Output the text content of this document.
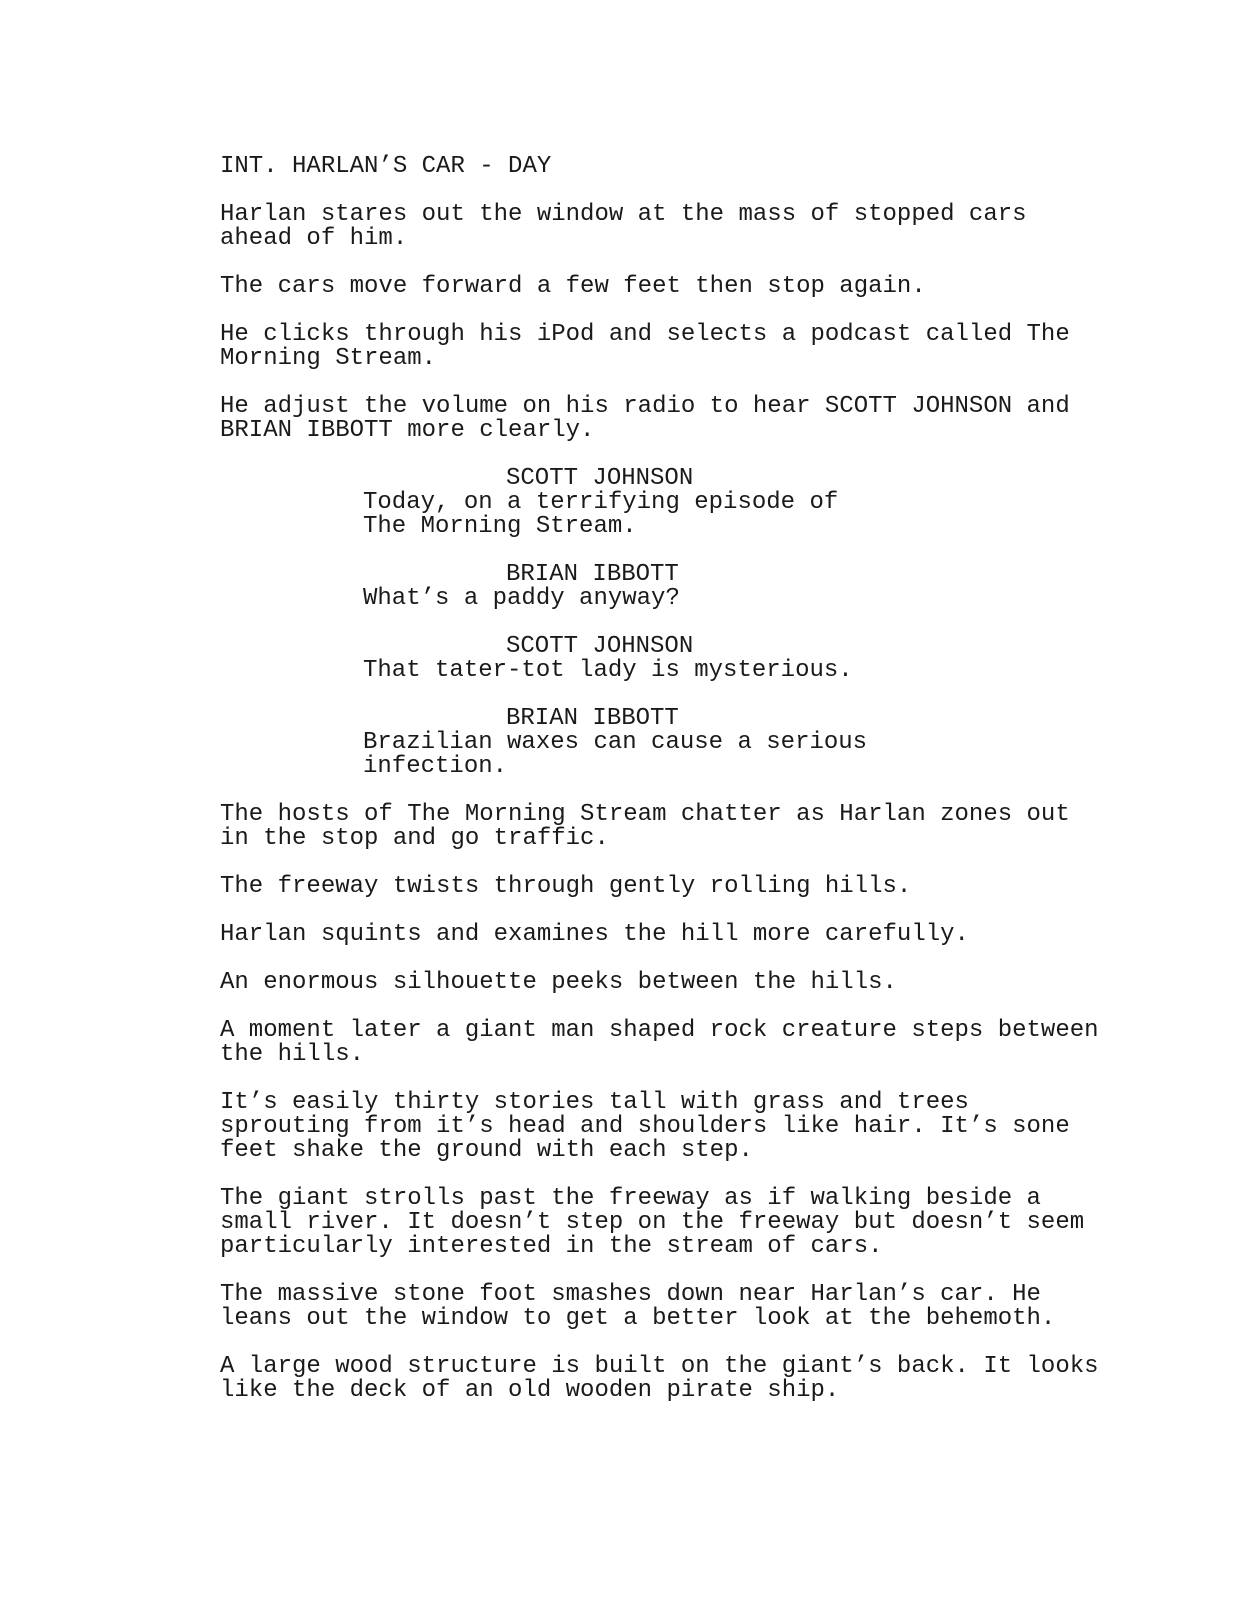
INT. HARLAN’S CAR - DAY
Harlan stares out the window at the mass of stopped cars
ahead of him.
The cars move forward a few feet then stop again.
He clicks through his iPod and selects a podcast called The
Morning Stream.
He adjust the volume on his radio to hear SCOTT JOHNSON and
BRIAN IBBOTT more clearly.
SCOTT JOHNSON
Today, on a terrifying episode of
The Morning Stream.
BRIAN IBBOTT
What’s a paddy anyway?
SCOTT JOHNSON
That tater-tot lady is mysterious.
BRIAN IBBOTT
Brazilian waxes can cause a serious
infection.
The hosts of The Morning Stream chatter as Harlan zones out
in the stop and go traffic.
The freeway twists through gently rolling hills.
Harlan squints and examines the hill more carefully.
An enormous silhouette peeks between the hills.
A moment later a giant man shaped rock creature steps between
the hills.
It’s easily thirty stories tall with grass and trees
sprouting from it’s head and shoulders like hair. It’s sone
feet shake the ground with each step.
The giant strolls past the freeway as if walking beside a
small river. It doesn’t step on the freeway but doesn’t seem
particularly interested in the stream of cars.
The massive stone foot smashes down near Harlan’s car. He
leans out the window to get a better look at the behemoth.
A large wood structure is built on the giant’s back. It looks
like the deck of an old wooden pirate ship.
